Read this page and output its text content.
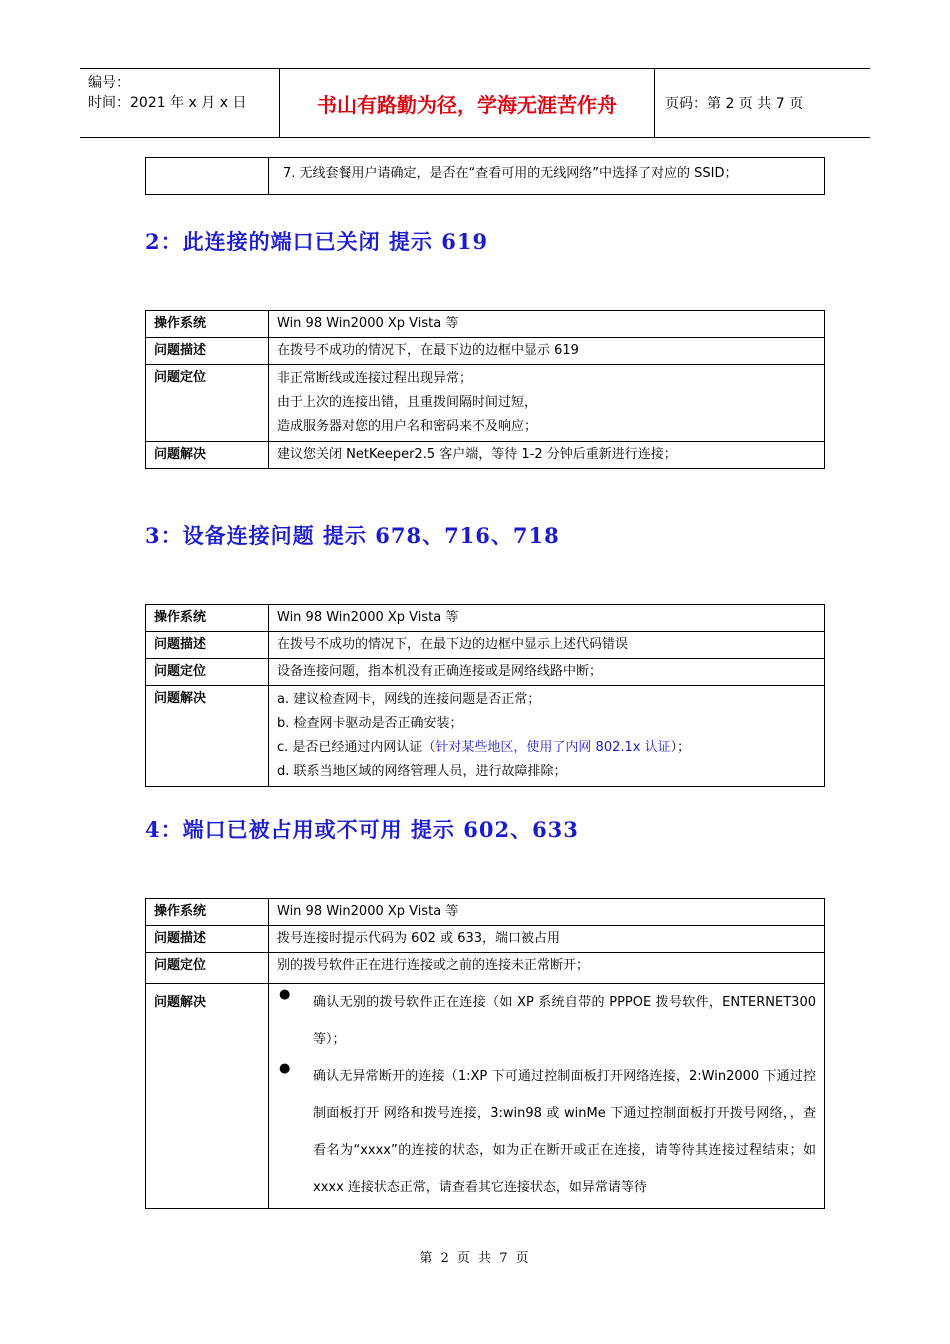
编号：
时间：2021 年 x 月 x 日	书山有路勤为径，学海无涯苦作舟	页码：第 2 页 共 7 页
	7. 无线套餐用户请确定，是否在“查看可用的无线网络”中选择了对应的 SSID；
2：此连接的端口已关闭 提示 619
操作系统	Win 98 Win2000 Xp Vista 等
问题描述	在拨号不成功的情况下，在最下边的边框中显示 619
问题定位	非正常断线或连接过程出现异常；
由于上次的连接出错，且重拨间隔时间过短，
造成服务器对您的用户名和密码来不及响应；

问题解决	建议您关闭 NetKeeper2.5 客户端，等待 1-2 分钟后重新进行连接；
3：设备连接问题 提示 678、716、718
操作系统	Win 98 Win2000 Xp Vista 等
问题描述	在拨号不成功的情况下，在最下边的边框中显示上述代码错误
问题定位	设备连接问题，指本机没有正确连接或是网络线路中断；
问题解决	a. 建议检查网卡，网线的连接问题是否正常；
b. 检查网卡驱动是否正确安装；
c. 是否已经通过内网认证（针对某些地区，使用了内网 802.1x 认证）；
d. 联系当地区域的网络管理人员，进行故障排除；
4：端口已被占用或不可用 提示 602、633
操作系统	Win 98 Win2000 Xp Vista 等
问题描述	拨号连接时提示代码为 602 或 633，端口被占用
问题定位	别的拨号软件正在进行连接或之前的连接未正常断开；
问题解决	●
确认无别的拨号软件正在连接（如 XP 系统自带的 PPPOE 拨号软件，ENTERNET300 等）；
●
确认无异常断开的连接（1:XP 下可通过控制面板打开网络连接，2:Win2000 下通过控制面板打开 网络和拨号连接，3:win98 或 winMe 下通过控制面板打开拨号网络，，查看名为“xxxx”的连接的状态，如为正在断开或正在连接，请等待其连接过程结束；如 xxxx 连接状态正常，请查看其它连接状态，如异常请等待
第 2 页 共 7 页
